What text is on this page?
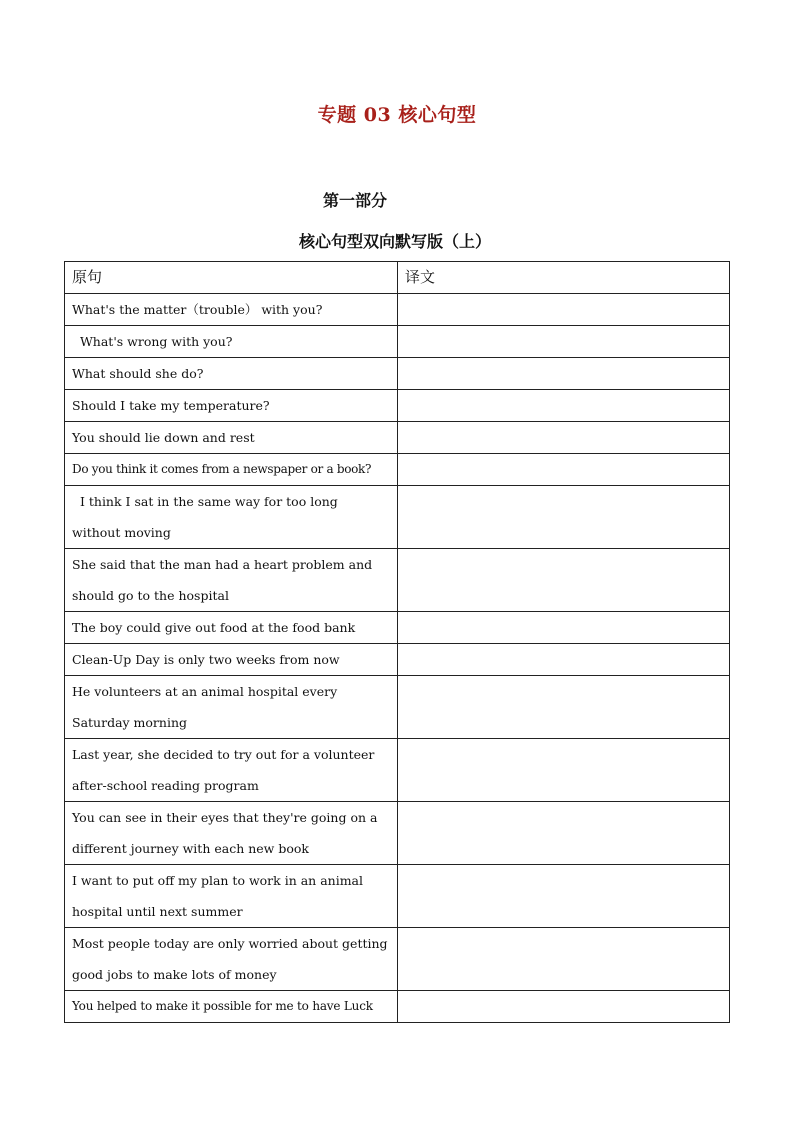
专题 03 核心句型
第一部分
核心句型双向默写版（上）
原句	译文

What's the matter（trouble） with you?	

What's wrong with you?	

What should she do?	

Should I take my temperature?	

You should lie down and rest	

Do you think it comes from a newspaper or a book?	

I think I sat in the same way for too long without moving	

She said that the man had a heart problem and should go to the hospital	

The boy could give out food at the food bank	

Clean-Up Day is only two weeks from now	

He volunteers at an animal hospital every Saturday morning	

Last year, she decided to try out for a volunteer after-school reading program	

You can see in their eyes that they're going on a different journey with each new book	

I want to put off my plan to work in an animal hospital until next summer	

Most people today are only worried about getting good jobs to make lots of money	

You helped to make it possible for me to have Luck	
